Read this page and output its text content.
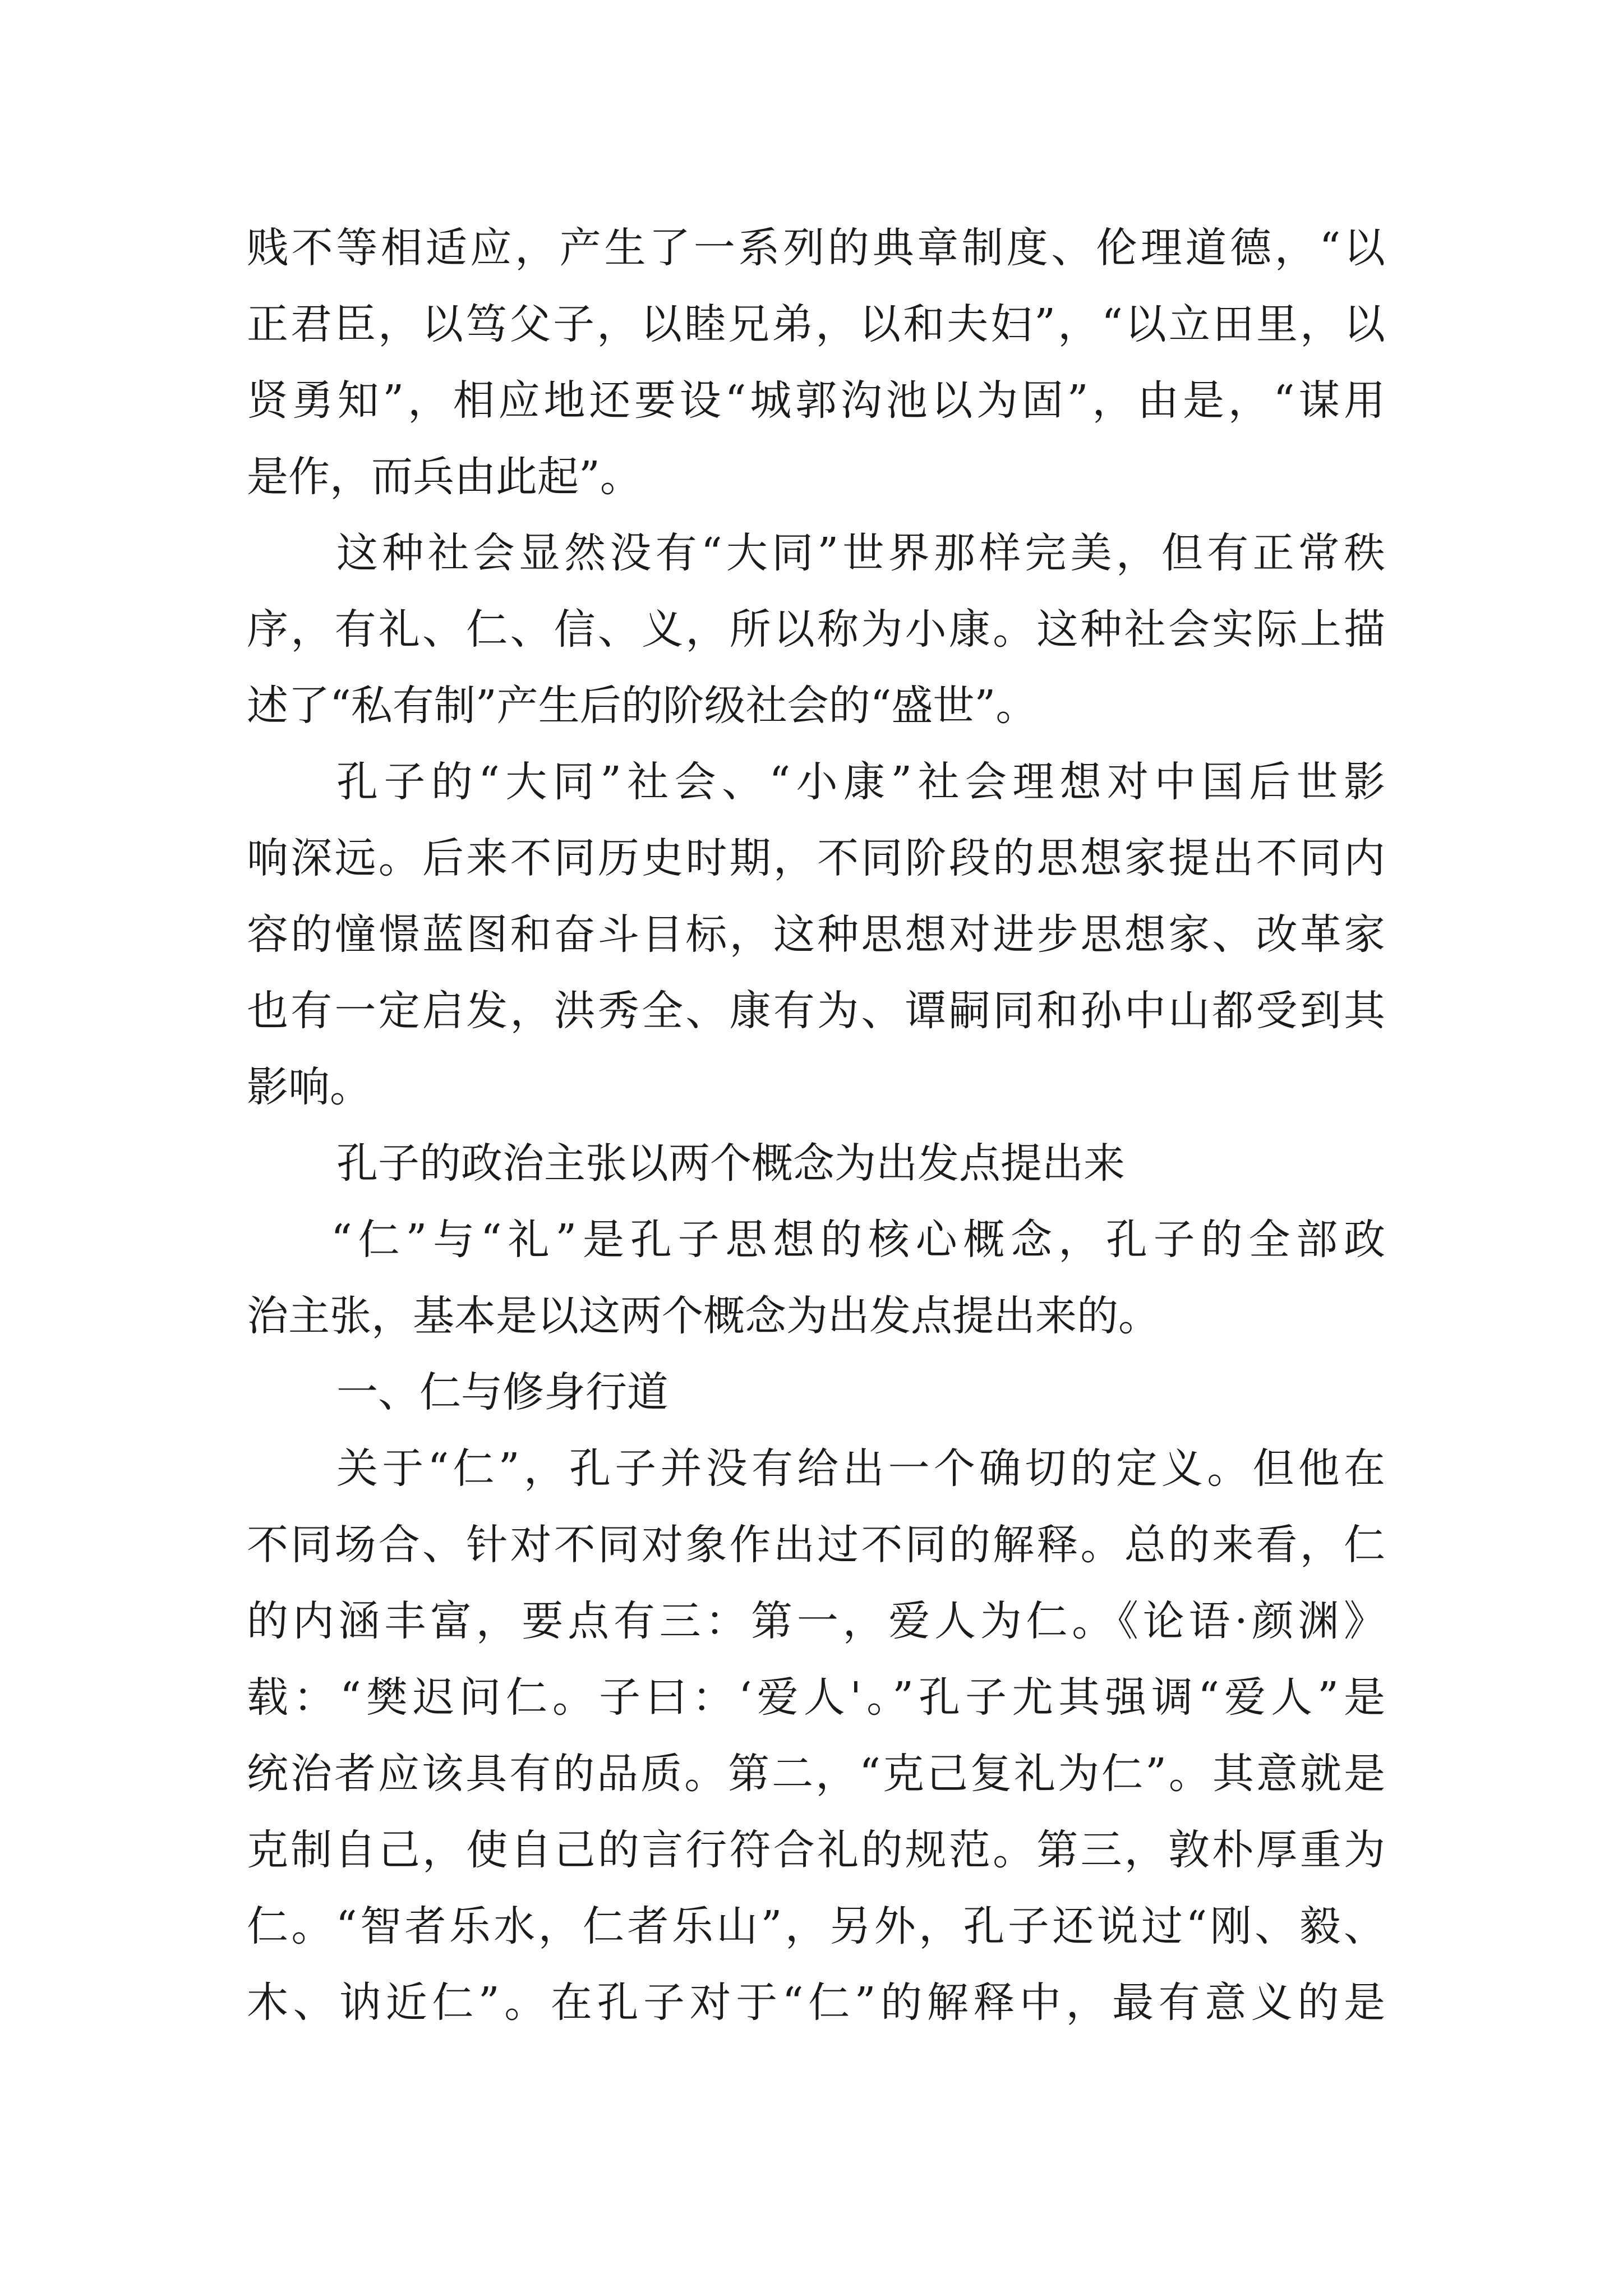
贱不等相适应，产生了一系列的典章制度、伦理道德，“以
正君臣，以笃父子，以睦兄弟，以和夫妇”，“以立田里，以
贤勇知”，相应地还要设“城郭沟池以为固”，由是，“谋用
是作，而兵由此起”。
这种社会显然没有“大同”世界那样完美，但有正常秩
序，有礼、仁、信、义，所以称为小康。这种社会实际上描
述了“私有制”产生后的阶级社会的“盛世”。
孔子的“大同”社会、“小康”社会理想对中国后世影
响深远。后来不同历史时期，不同阶段的思想家提出不同内
容的憧憬蓝图和奋斗目标，这种思想对进步思想家、改革家
也有一定启发，洪秀全、康有为、谭嗣同和孙中山都受到其
影响。
孔子的政治主张以两个概念为出发点提出来
“仁”与“礼”是孔子思想的核心概念，孔子的全部政
治主张，基本是以这两个概念为出发点提出来的。
一、仁与修身行道
关于“仁”，孔子并没有给出一个确切的定义。但他在
不同场合、针对不同对象作出过不同的解释。总的来看，仁
的内涵丰富，要点有三：第一，爱人为仁。《论语·颜渊》
载：“樊迟问仁。子曰：‘爱人'。”孔子尤其强调“爱人”是
统治者应该具有的品质。第二，“克己复礼为仁”。其意就是
克制自己，使自己的言行符合礼的规范。第三，敦朴厚重为
仁。“智者乐水，仁者乐山”，另外，孔子还说过“刚、毅、
木、讷近仁”。在孔子对于“仁”的解释中，最有意义的是
